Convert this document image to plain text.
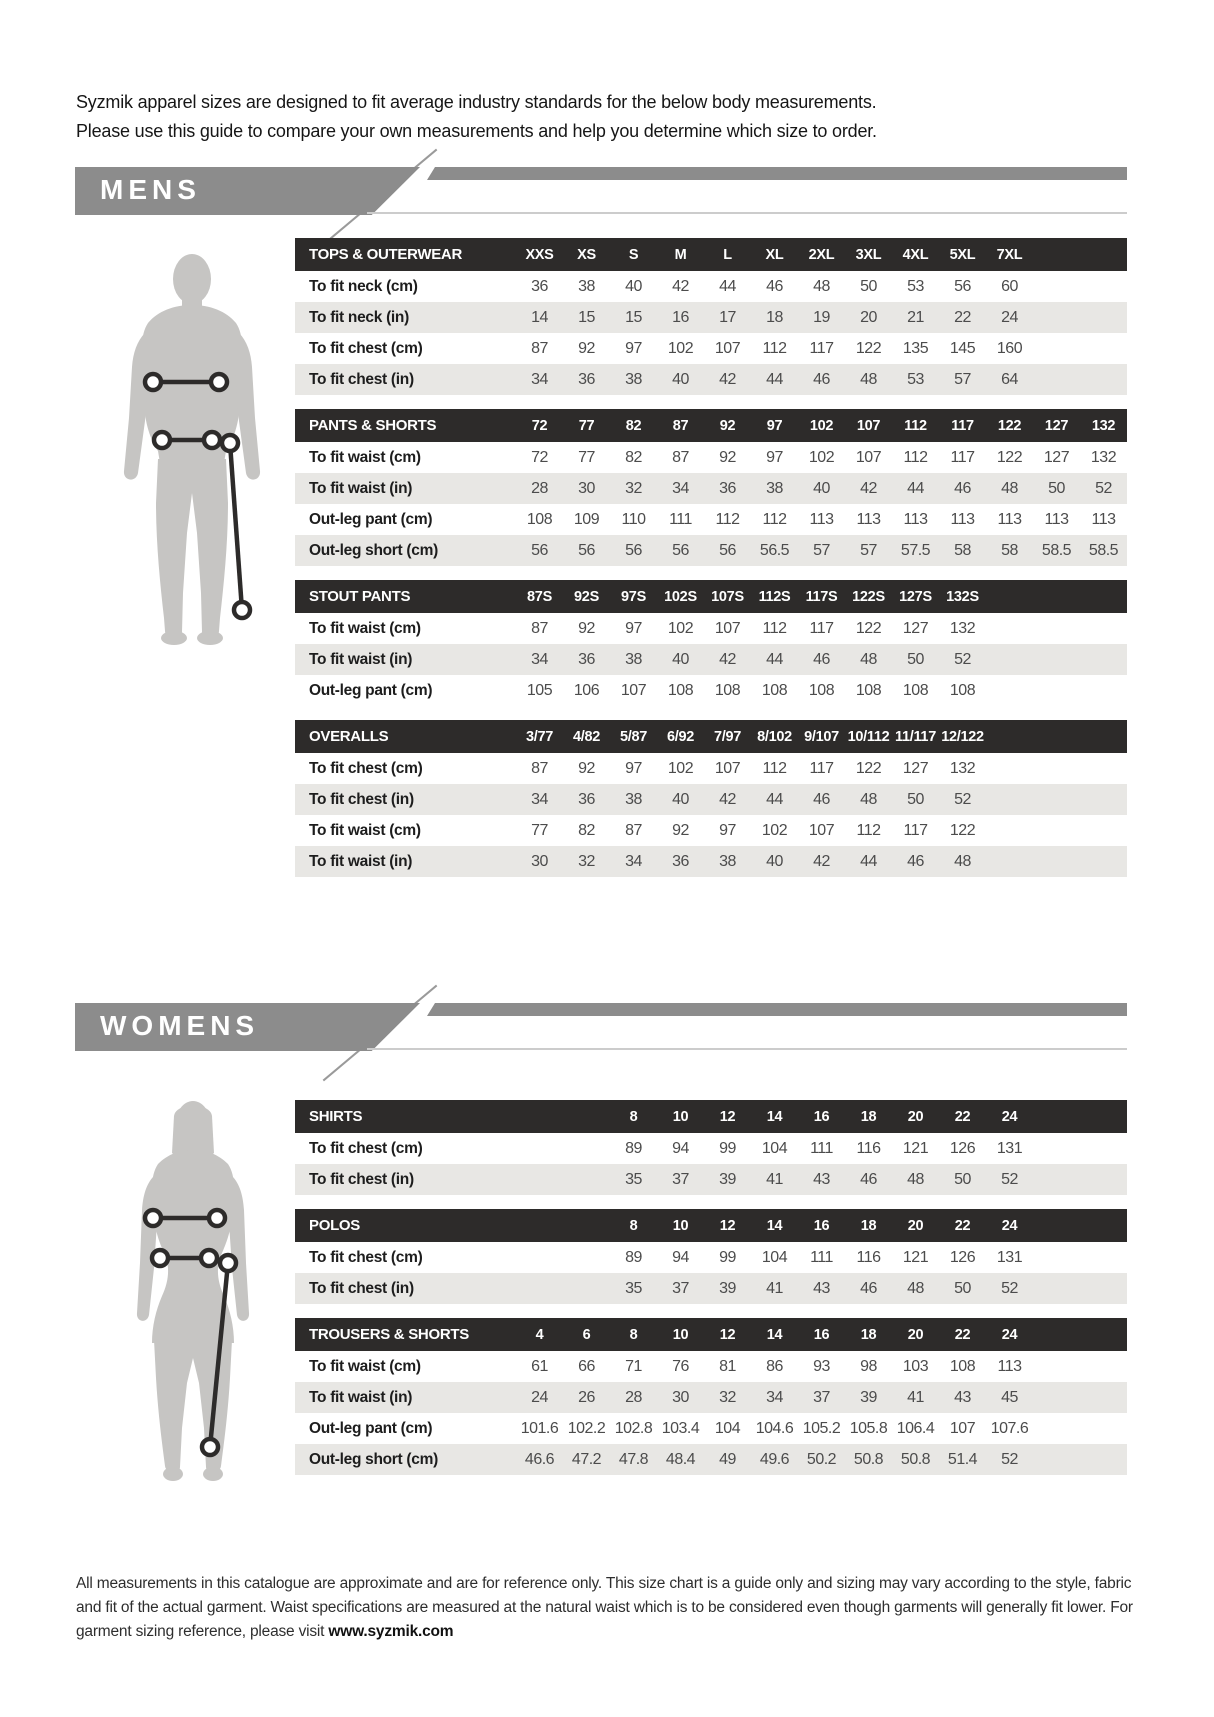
Syzmik apparel sizes are designed to fit average industry standards for the below body measurements.
Please use this guide to compare your own measurements and help you determine which size to order.

MENS
TOPS & OUTERWEAR	XXS	XS	S	M	L	XL	2XL	3XL	4XL	5XL	7XL
To fit neck (cm)	36	38	40	42	44	46	48	50	53	56	60
To fit neck (in)	14	15	15	16	17	18	19	20	21	22	24
To fit chest (cm)	87	92	97	102	107	112	117	122	135	145	160
To fit chest (in)	34	36	38	40	42	44	46	48	53	57	64
PANTS & SHORTS	72	77	82	87	92	97	102	107	112	117	122	127	132
To fit waist (cm)	72	77	82	87	92	97	102	107	112	117	122	127	132
To fit waist (in)	28	30	32	34	36	38	40	42	44	46	48	50	52
Out-leg pant (cm)	108	109	110	111	112	112	113	113	113	113	113	113	113
Out-leg short (cm)	56	56	56	56	56	56.5	57	57	57.5	58	58	58.5	58.5
STOUT PANTS	87S	92S	97S	102S 107S	112S	117S	122S 127S 132S
To fit waist (cm)	87	92	97	102	107	112	117	122	127	132
To fit waist (in)	34	36	38	40	42	44	46	48	50	52
Out-leg pant (cm)	105	106	107	108	108	108	108	108	108	108
OVERALLS	3/77	4/82	5/87	6/92	7/97	8/102 9/107 10/112 11/117 12/122
To fit chest (cm)	87	92	97	102	107	112	117	122	127	132
To fit chest (in)	34	36	38	40	42	44	46	48	50	52
To fit waist (cm)	77	82	87	92	97	102	107	112	117	122
To fit waist (in)	30	32	34	36	38	40	42	44	46	48
WOMENS
SHIRTS	8	10	12	14	16	18	20	22	24
To fit chest (cm)	89	94	99	104	111	116	121	126	131
To fit chest (in)	35	37	39	41	43	46	48	50	52
POLOS	8	10	12	14	16	18	20	22	24
To fit chest (cm)	89	94	99	104	111	116	121	126	131
To fit chest (in)	35	37	39	41	43	46	48	50	52
TROUSERS & SHORTS	4	6	8	10	12	14	16	18	20	22	24
To fit waist (cm)	61	66	71	76	81	86	93	98	103	108	113
To fit waist (in)	24	26	28	30	32	34	37	39	41	43	45
Out-leg pant (cm)	101.6 102.2 102.8 103.4 104 104.6 105.2 105.8 106.4 107 107.6
Out-leg short (cm)	46.6	47.2	47.8	48.4	49	49.6	50.2	50.8	50.8	51.4	52

All measurements in this catalogue are approximate and are for reference only. This size chart is a guide only and sizing may vary according to the style, fabric and fit of the actual garment. Waist specifications are measured at the natural waist which is to be considered even though garments will generally fit lower. For garment sizing reference, please visit www.syzmik.com
